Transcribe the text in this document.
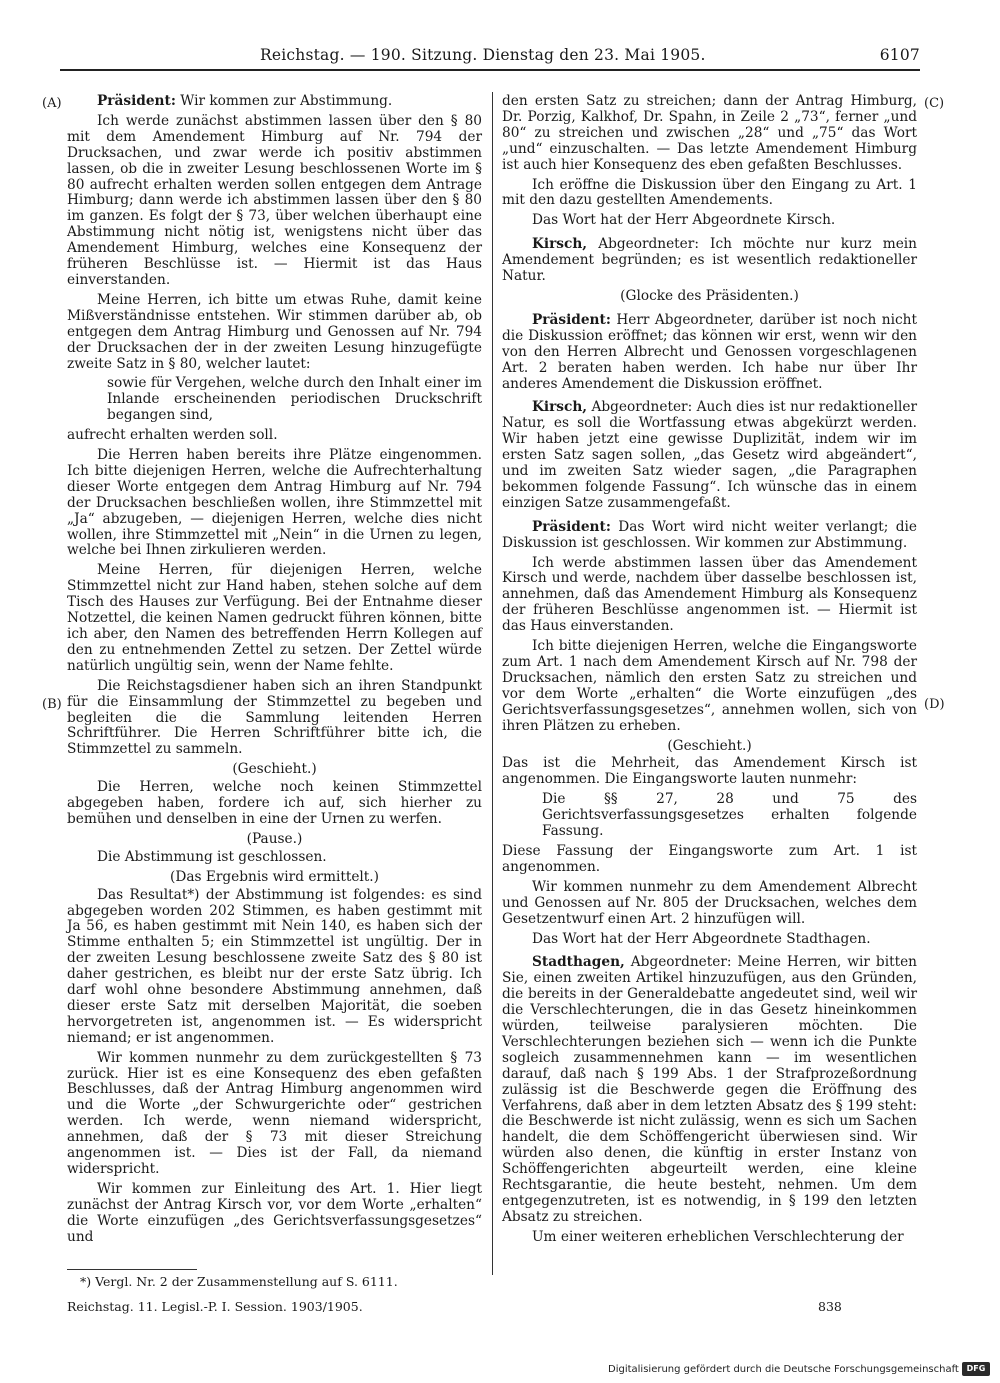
Reichstag. — 190. Sitzung. Dienstag den 23. Mai 1905.	6107
(A)
(B)
(C)
(D)

Präsident: Wir kommen zur Abstimmung.

Ich werde zunächst abstimmen lassen über den § 80 mit dem Amendement Himburg auf Nr. 794 der Drucksachen, und zwar werde ich positiv abstimmen lassen, ob die in zweiter Lesung beschlossenen Worte im § 80 aufrecht erhalten werden sollen entgegen dem Antrage Himburg; dann werde ich abstimmen lassen über den § 80 im ganzen. Es folgt der § 73, über welchen überhaupt eine Abstimmung nicht nötig ist, wenigstens nicht über das Amendement Himburg, welches eine Konsequenz der früheren Beschlüsse ist. — Hiermit ist das Haus einverstanden.

Meine Herren, ich bitte um etwas Ruhe, damit keine Mißverständnisse entstehen. Wir stimmen darüber ab, ob entgegen dem Antrag Himburg und Genossen auf Nr. 794 der Drucksachen der in der zweiten Lesung hinzugefügte zweite Satz in § 80, welcher lautet:

sowie für Vergehen, welche durch den Inhalt einer im Inlande erscheinenden periodischen Druckschrift begangen sind,

aufrecht erhalten werden soll.

Die Herren haben bereits ihre Plätze eingenommen. Ich bitte diejenigen Herren, welche die Aufrechterhaltung dieser Worte entgegen dem Antrag Himburg auf Nr. 794 der Drucksachen beschließen wollen, ihre Stimmzettel mit „Ja“ abzugeben, — diejenigen Herren, welche dies nicht wollen, ihre Stimmzettel mit „Nein“ in die Urnen zu legen, welche bei Ihnen zirkulieren werden.

Meine Herren, für diejenigen Herren, welche Stimmzettel nicht zur Hand haben, stehen solche auf dem Tisch des Hauses zur Verfügung. Bei der Entnahme dieser Notzettel, die keinen Namen gedruckt führen können, bitte ich aber, den Namen des betreffenden Herrn Kollegen auf den zu entnehmenden Zettel zu setzen. Der Zettel würde natürlich ungültig sein, wenn der Name fehlte.

Die Reichstagsdiener haben sich an ihren Standpunkt für die Einsammlung der Stimmzettel zu begeben und begleiten die die Sammlung leitenden Herren Schriftführer. Die Herren Schriftführer bitte ich, die Stimmzettel zu sammeln.

(Geschieht.)

Die Herren, welche noch keinen Stimmzettel abgegeben haben, fordere ich auf, sich hierher zu bemühen und denselben in eine der Urnen zu werfen.

(Pause.)

Die Abstimmung ist geschlossen.

(Das Ergebnis wird ermittelt.)

Das Resultat*) der Abstimmung ist folgendes: es sind abgegeben worden 202 Stimmen, es haben gestimmt mit Ja 56, es haben gestimmt mit Nein 140, es haben sich der Stimme enthalten 5; ein Stimmzettel ist ungültig. Der in der zweiten Lesung beschlossene zweite Satz des § 80 ist daher gestrichen, es bleibt nur der erste Satz übrig. Ich darf wohl ohne besondere Abstimmung annehmen, daß dieser erste Satz mit derselben Majorität, die soeben hervorgetreten ist, angenommen ist. — Es widerspricht niemand; er ist angenommen.

Wir kommen nunmehr zu dem zurückgestellten § 73 zurück. Hier ist es eine Konsequenz des eben gefaßten Beschlusses, daß der Antrag Himburg angenommen wird und die Worte „der Schwurgerichte oder“ gestrichen werden. Ich werde, wenn niemand widerspricht, annehmen, daß der § 73 mit dieser Streichung angenommen ist. — Dies ist der Fall, da niemand widerspricht.

Wir kommen zur Einleitung des Art. 1. Hier liegt zunächst der Antrag Kirsch vor, vor dem Worte „erhalten“ die Worte einzufügen „des Gerichtsverfassungsgesetzes“ und

den ersten Satz zu streichen; dann der Antrag Himburg, Dr. Porzig, Kalkhof, Dr. Spahn, in Zeile 2 „73“, ferner „und 80“ zu streichen und zwischen „28“ und „75“ das Wort „und“ einzuschalten. — Das letzte Amendement Himburg ist auch hier Konsequenz des eben gefaßten Beschlusses.

Ich eröffne die Diskussion über den Eingang zu Art. 1 mit den dazu gestellten Amendements.

Das Wort hat der Herr Abgeordnete Kirsch.

Kirsch, Abgeordneter: Ich möchte nur kurz mein Amendement begründen; es ist wesentlich redaktioneller Natur.

(Glocke des Präsidenten.)

Präsident: Herr Abgeordneter, darüber ist noch nicht die Diskussion eröffnet; das können wir erst, wenn wir den von den Herren Albrecht und Genossen vorgeschlagenen Art. 2 beraten haben werden. Ich habe nur über Ihr anderes Amendement die Diskussion eröffnet.

Kirsch, Abgeordneter: Auch dies ist nur redaktioneller Natur, es soll die Wortfassung etwas abgekürzt werden. Wir haben jetzt eine gewisse Duplizität, indem wir im ersten Satz sagen sollen, „das Gesetz wird abgeändert“, und im zweiten Satz wieder sagen, „die Paragraphen bekommen folgende Fassung“. Ich wünsche das in einem einzigen Satze zusammengefaßt.

Präsident: Das Wort wird nicht weiter verlangt; die Diskussion ist geschlossen. Wir kommen zur Abstimmung.

Ich werde abstimmen lassen über das Amendement Kirsch und werde, nachdem über dasselbe beschlossen ist, annehmen, daß das Amendement Himburg als Konsequenz der früheren Beschlüsse angenommen ist. — Hiermit ist das Haus einverstanden.

Ich bitte diejenigen Herren, welche die Eingangsworte zum Art. 1 nach dem Amendement Kirsch auf Nr. 798 der Drucksachen, nämlich den ersten Satz zu streichen und vor dem Worte „erhalten“ die Worte einzufügen „des Gerichtsverfassungsgesetzes“, annehmen wollen, sich von ihren Plätzen zu erheben.

(Geschieht.)

Das ist die Mehrheit, das Amendement Kirsch ist angenommen. Die Eingangsworte lauten nunmehr:

Die §§ 27, 28 und 75 des Gerichtsverfassungsgesetzes erhalten folgende Fassung.

Diese Fassung der Eingangsworte zum Art. 1 ist angenommen.

Wir kommen nunmehr zu dem Amendement Albrecht und Genossen auf Nr. 805 der Drucksachen, welches dem Gesetzentwurf einen Art. 2 hinzufügen will.

Das Wort hat der Herr Abgeordnete Stadthagen.

Stadthagen, Abgeordneter: Meine Herren, wir bitten Sie, einen zweiten Artikel hinzuzufügen, aus den Gründen, die bereits in der Generaldebatte angedeutet sind, weil wir die Verschlechterungen, die in das Gesetz hineinkommen würden, teilweise paralysieren möchten. Die Verschlechterungen beziehen sich — wenn ich die Punkte sogleich zusammennehmen kann — im wesentlichen darauf, daß nach § 199 Abs. 1 der Strafprozeßordnung zulässig ist die Beschwerde gegen die Eröffnung des Verfahrens, daß aber in dem letzten Absatz des § 199 steht: die Beschwerde ist nicht zulässig, wenn es sich um Sachen handelt, die dem Schöffengericht überwiesen sind. Wir würden also denen, die künftig in erster Instanz von Schöffengerichten abgeurteilt werden, eine kleine Rechtsgarantie, die heute besteht, nehmen. Um dem entgegenzutreten, ist es notwendig, in § 199 den letzten Absatz zu streichen.

Um einer weiteren erheblichen Verschlechterung der

*) Vergl. Nr. 2 der Zusammenstellung auf S. 6111.
Reichstag. 11. Legisl.-P. I. Session. 1903/1905.	838
Digitalisierung gefördert durch die Deutsche Forschungsgemeinschaft DFG
